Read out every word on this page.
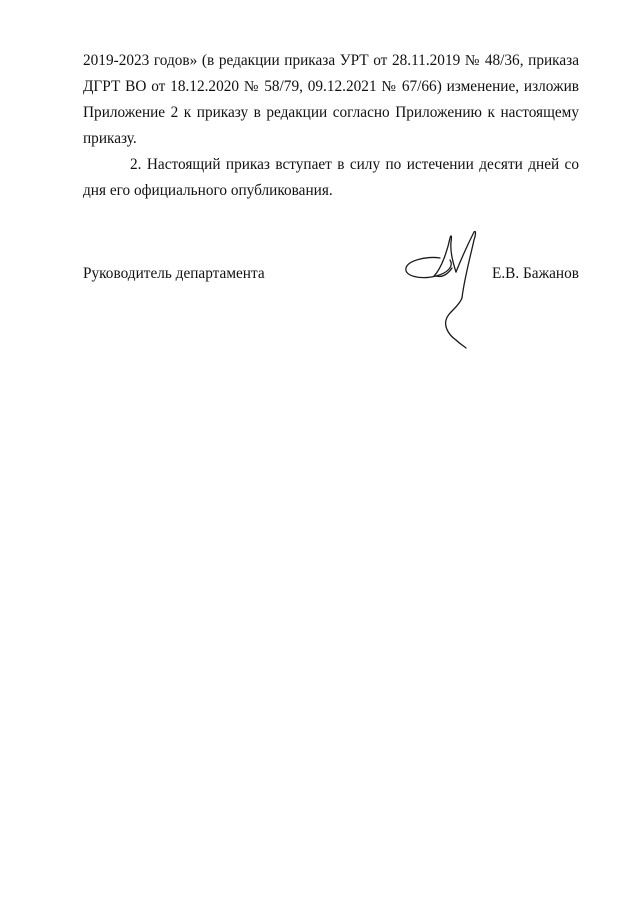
2019-2023 годов» (в редакции приказа УРТ от 28.11.2019 № 48/36, приказа ДГРТ ВО от 18.12.2020 № 58/79, 09.12.2021 № 67/66) изменение, изложив Приложение 2 к приказу в редакции согласно Приложению к настоящему приказу.

2. Настоящий приказ вступает в силу по истечении десяти дней со дня его официального опубликования.

Руководитель департамента	Е.В. Бажанов
